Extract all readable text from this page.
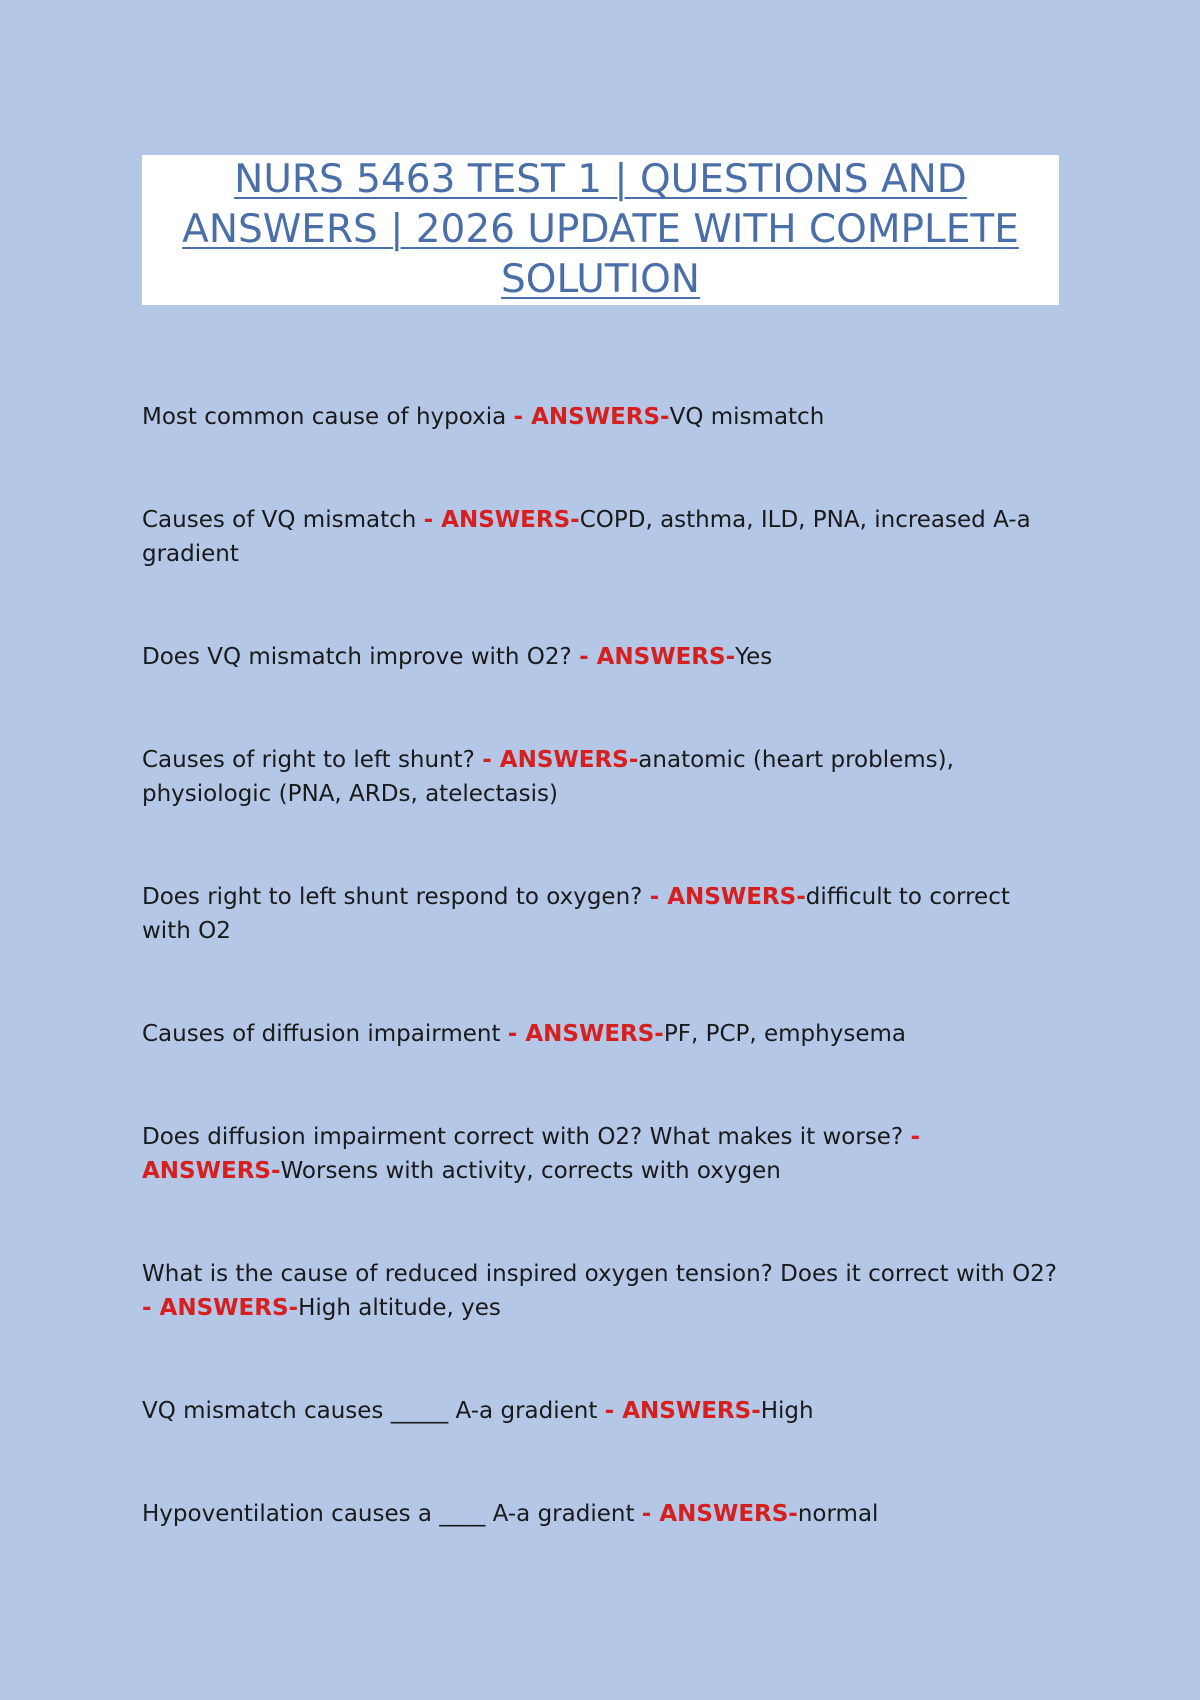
NURS 5463 TEST 1 | QUESTIONS AND ANSWERS | 2026 UPDATE WITH COMPLETE SOLUTION
Most common cause of hypoxia - ANSWERS-VQ mismatch
Causes of VQ mismatch - ANSWERS-COPD, asthma, ILD, PNA, increased A-a gradient
Does VQ mismatch improve with O2? - ANSWERS-Yes
Causes of right to left shunt? - ANSWERS-anatomic (heart problems), physiologic (PNA, ARDs, atelectasis)
Does right to left shunt respond to oxygen? - ANSWERS-difficult to correct with O2
Causes of diffusion impairment - ANSWERS-PF, PCP, emphysema
Does diffusion impairment correct with O2? What makes it worse? - ANSWERS-Worsens with activity, corrects with oxygen
What is the cause of reduced inspired oxygen tension? Does it correct with O2? - ANSWERS-High altitude, yes
VQ mismatch causes _____ A-a gradient - ANSWERS-High
Hypoventilation causes a ____ A-a gradient - ANSWERS-normal
